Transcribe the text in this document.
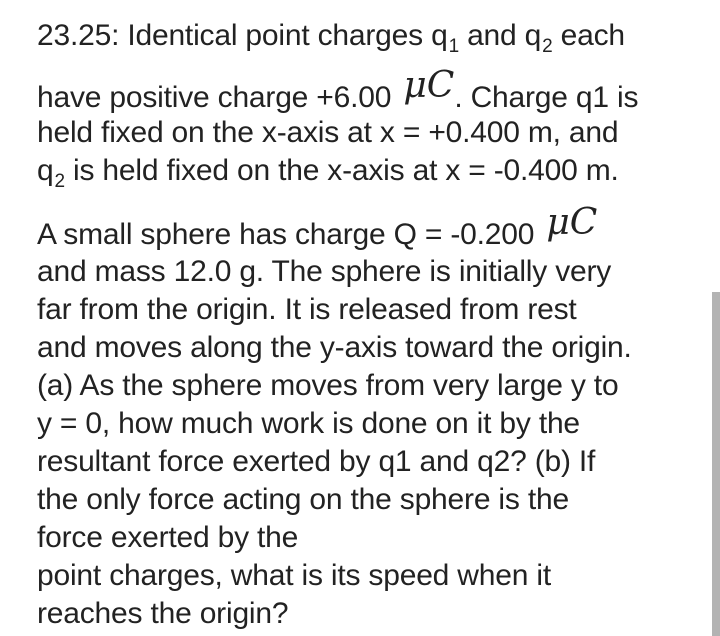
23.25: Identical point charges $q_1$ and $q_2$ each
have positive charge +6.00 μC. Charge q1 is
held fixed on the x-axis at x = +0.400 m, and
$q_2$ is held fixed on the x-axis at x = -0.400 m.
A small sphere has charge Q = -0.200 μC
and mass 12.0 g. The sphere is initially very
far from the origin. It is released from rest
and moves along the y-axis toward the origin.
(a) As the sphere moves from very large y to
y = 0, how much work is done on it by the
resultant force exerted by q1 and q2? (b) If
the only force acting on the sphere is the
force exerted by the
point charges, what is its speed when it
reaches the origin?
